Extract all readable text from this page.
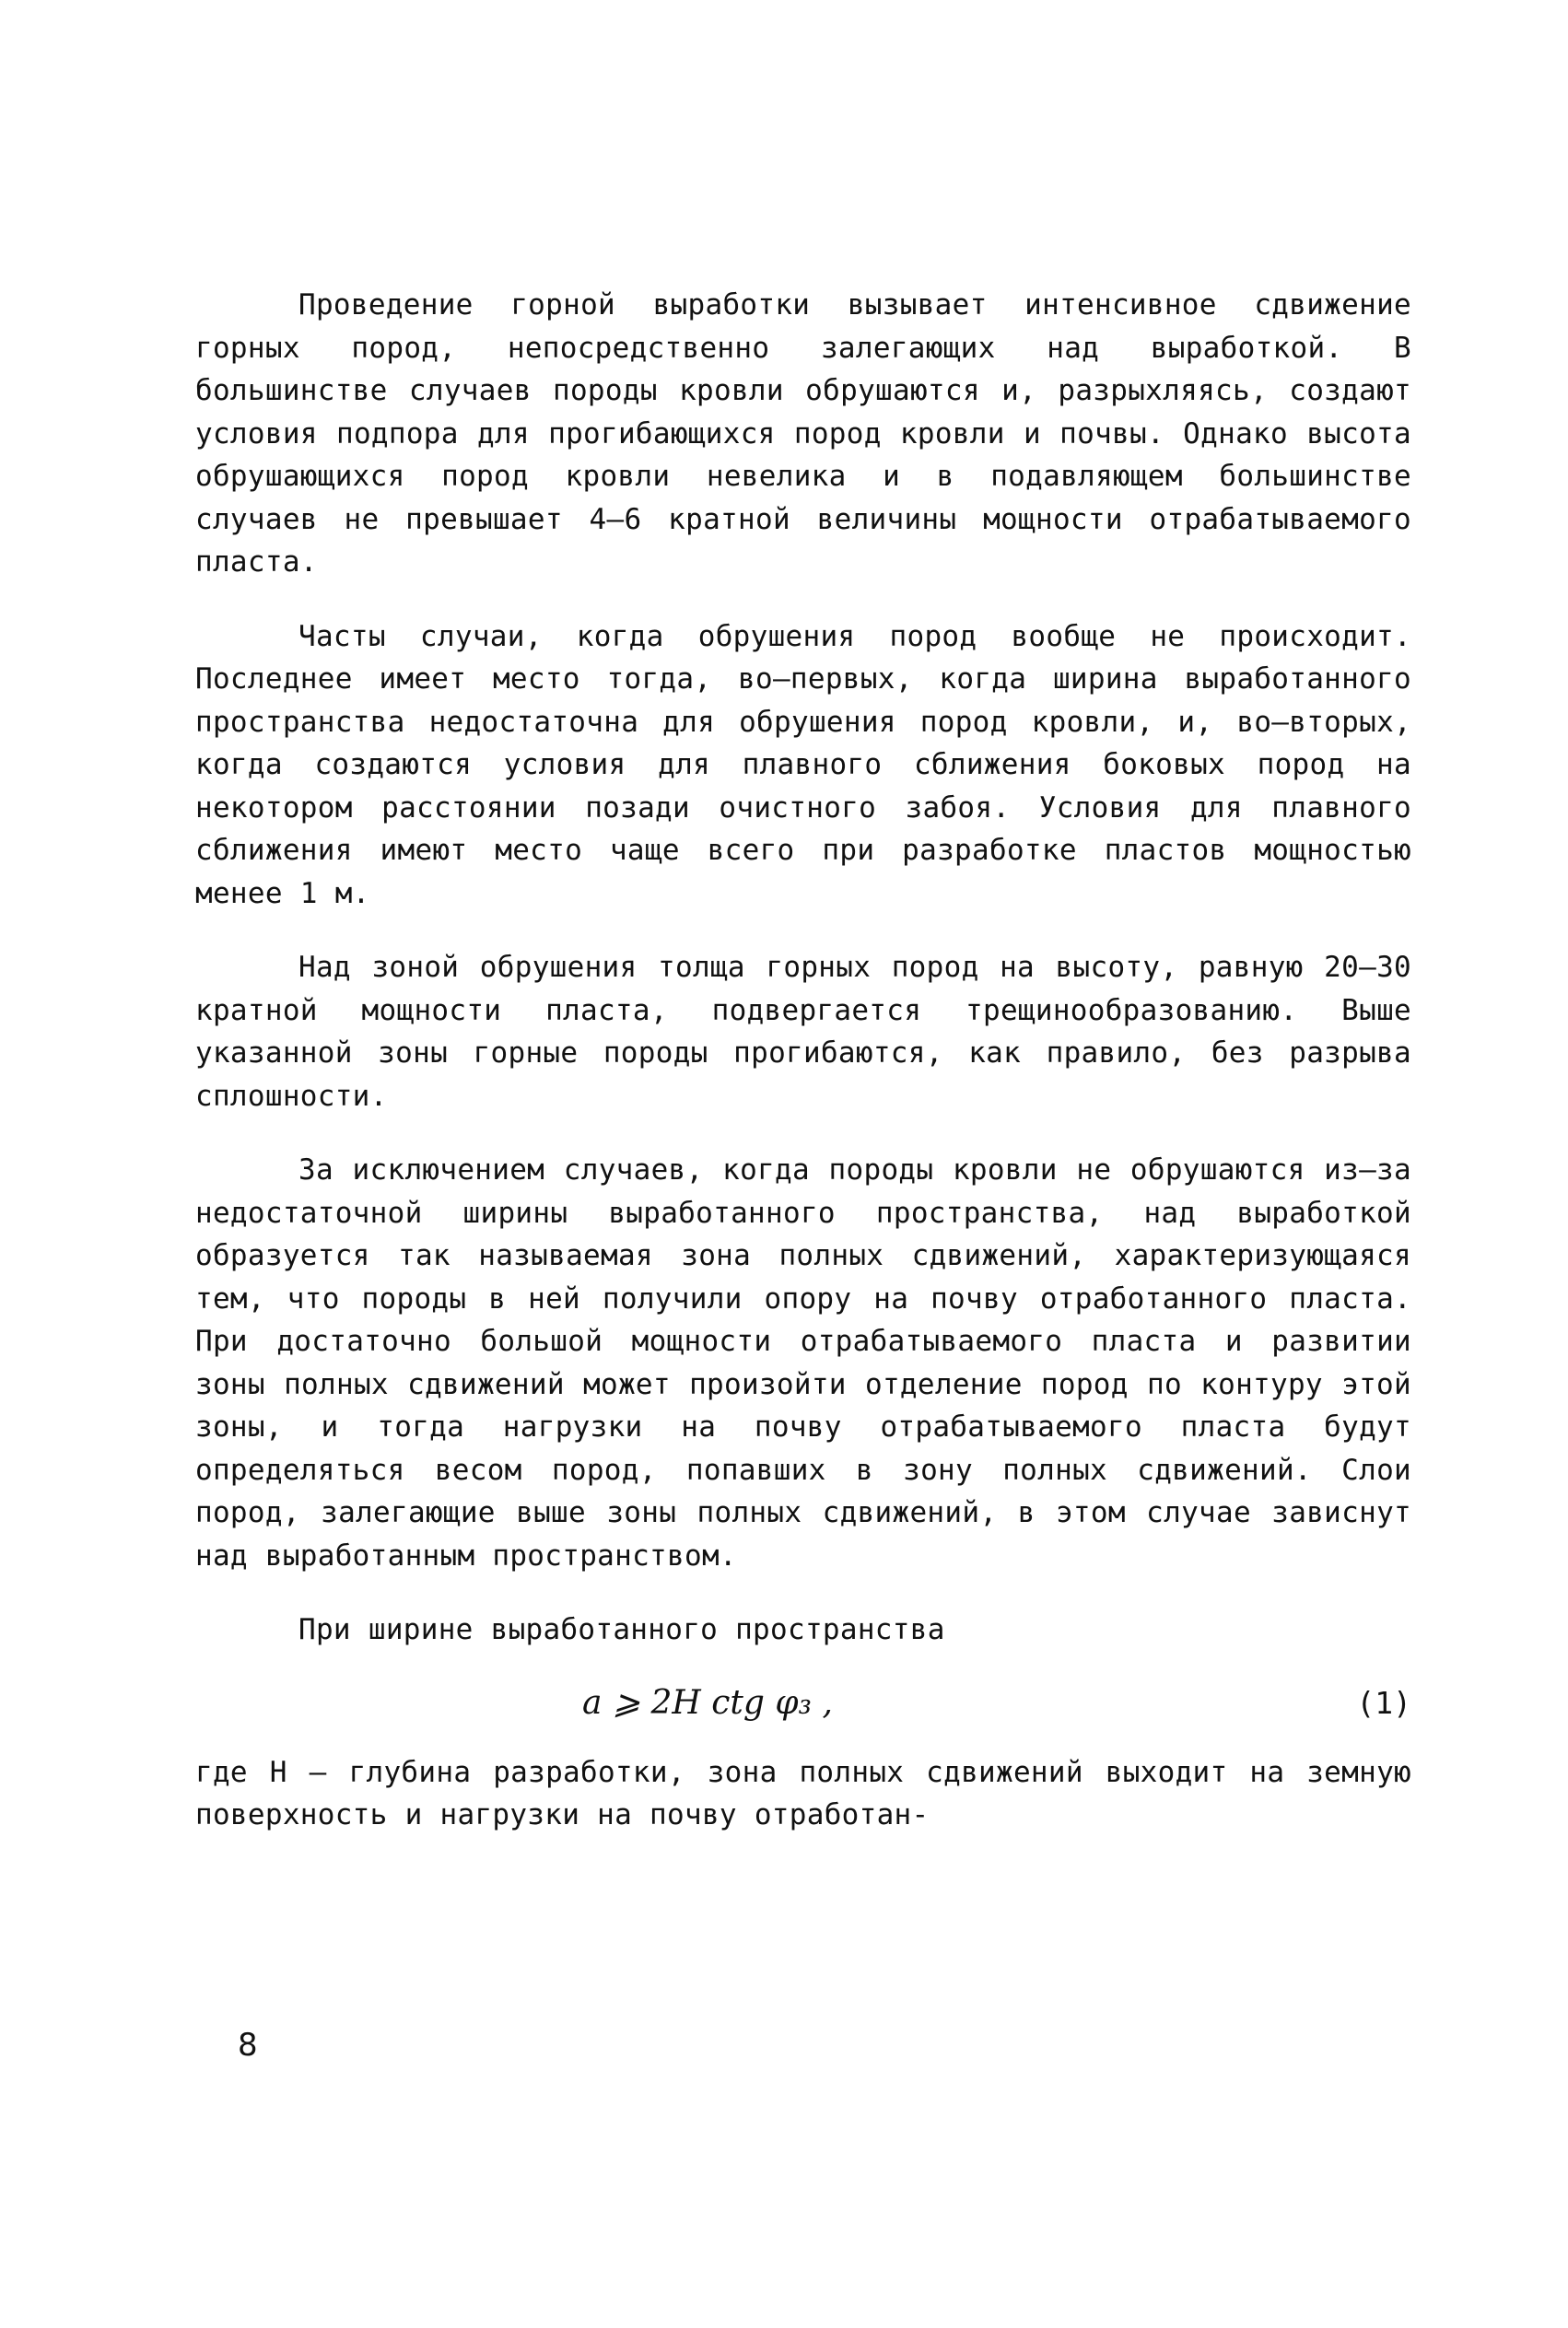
Проведение горной выработки вызывает интенсивное сдвижение горных пород, непосредственно залегающих над выработкой. В большинстве случаев породы кровли обрушаются и, разрыхляясь, создают условия подпора для прогибающихся пород кровли и почвы. Однако высота обрушающихся пород кровли невелика и в подавляющем большинстве случаев не превышает 4–6 кратной величины мощности отрабатываемого пласта.

Часты случаи, когда обрушения пород вообще не происходит. Последнее имеет место тогда, во–первых, когда ширина выработанного пространства недостаточна для обрушения пород кровли, и, во–вторых, когда создаются условия для плавного сближения боковых пород на некотором расстоянии позади очистного забоя. Условия для плавного сближения имеют место чаще всего при разработке пластов мощностью менее 1 м.

Над зоной обрушения толща горных пород на высоту, равную 20–30 кратной мощности пласта, подвергается трещинообразованию. Выше указанной зоны горные породы прогибаются, как правило, без разрыва сплошности.

За исключением случаев, когда породы кровли не обрушаются из–за недостаточной ширины выработанного пространства, над выработкой образуется так называемая зона полных сдвижений, характеризующаяся тем, что породы в ней получили опору на почву отработанного пласта. При достаточно большой мощности отрабатываемого пласта и развитии зоны полных сдвижений может произойти отделение пород по контуру этой зоны, и тогда нагрузки на почву отрабатываемого пласта будут определяться весом пород, попавших в зону полных сдвижений. Слои пород, залегающие выше зоны полных сдвижений, в этом случае зависнут над выработанным пространством.

При ширине выработанного пространства

a ⩾ 2H ctg φ₃ ,	(1)

где Н – глубина разработки, зона полных сдвижений выходит на земную поверхность и нагрузки на почву отработан-

8
